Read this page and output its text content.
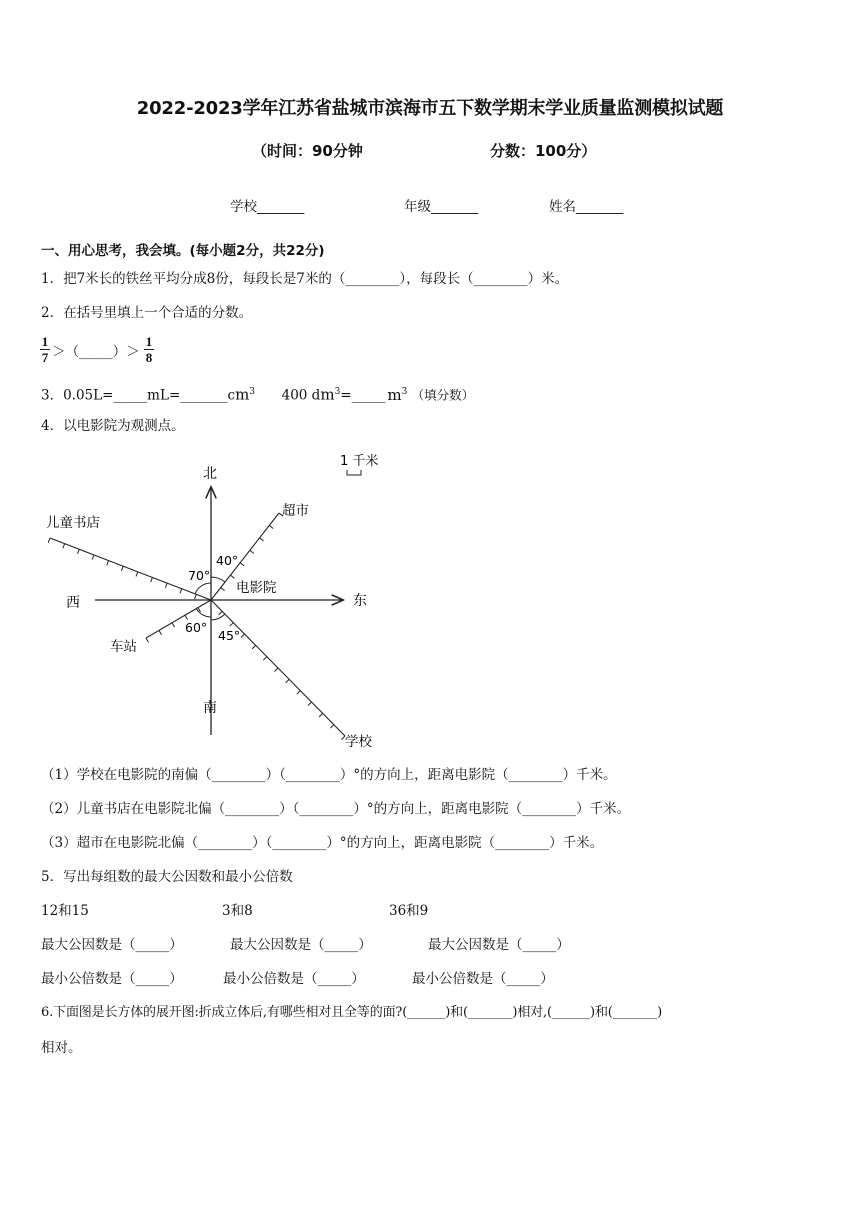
2022-2023学年江苏省盐城市滨海市五下数学期末学业质量监测模拟试题
（时间：90分钟	分数：100分）
学校_______	年级_______	姓名_______
一、用心思考，我会填。(每小题2分，共22分)
1．把7米长的铁丝平均分成8份，每段长是7米的（________），每段长（________）米。
2．在括号里填上一个合适的分数。
1
7 ＞（_____）＞
1
8
3．$0.05L=\_\_\_\_\_mL=\_\_\_\_\_\_\_cm^3$ 400 $dm^3=\_\_\_\_\_$ $m^3$ （填分数）
4．以电影院为观测点。
北
南
东
西
电影院
1 千米
超市
儿童书店
车站
学校
40°
70°
60°
45°
（1）学校在电影院的南偏（________）（________）°的方向上，距离电影院（________）千米。
（2）儿童书店在电影院北偏（________）（________）°的方向上，距离电影院（________）千米。
（3）超市在电影院北偏（________）（________）°的方向上，距离电影院（________）千米。
5．写出每组数的最大公因数和最小公倍数
12和15	3和8	36和9
最大公因数是（_____）	最大公因数是（_____）	最大公因数是（_____）
最小公倍数是（_____）	最小公倍数是（_____）	最小公倍数是（_____）
6.下面图是长方体的展开图:折成立体后,有哪些相对且全等的面?(______)和(_______)相对,(______)和(_______)
相对。
